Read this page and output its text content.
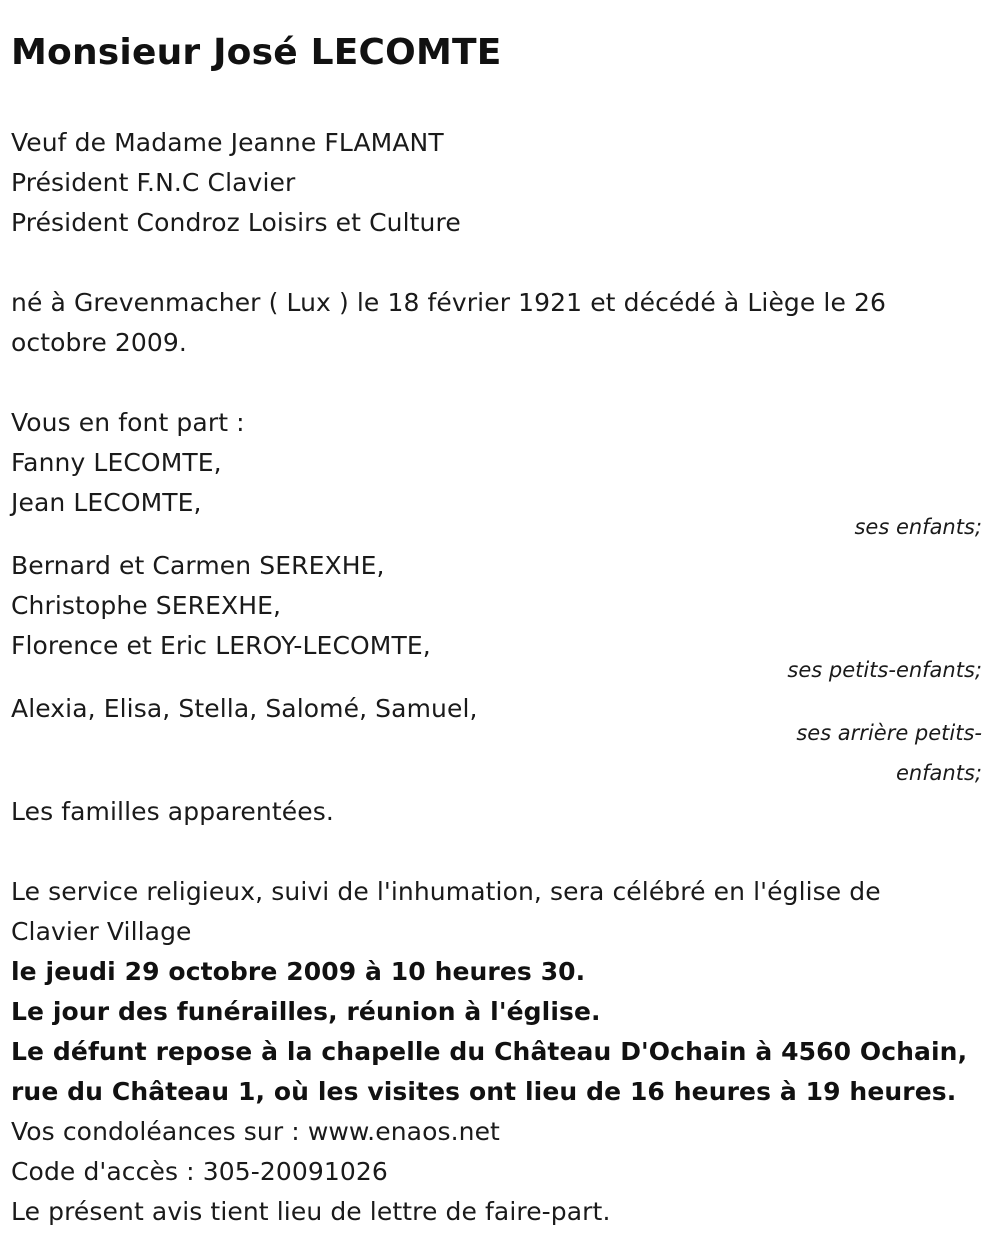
Monsieur José LECOMTE
Veuf de Madame Jeanne FLAMANT
Président F.N.C Clavier
Président Condroz Loisirs et Culture
né à Grevenmacher ( Lux ) le 18 février 1921 et décédé à Liège le 26
octobre 2009.
Vous en font part :
Fanny LECOMTE,
Jean LECOMTE,
ses enfants;
Bernard et Carmen SEREXHE,
Christophe SEREXHE,
Florence et Eric LEROY-LECOMTE,
ses petits-enfants;
Alexia, Elisa, Stella, Salomé, Samuel,
ses arrière petits-
enfants;
Les familles apparentées.
Le service religieux, suivi de l'inhumation, sera célébré en l'église de
Clavier Village
le jeudi 29 octobre 2009 à 10 heures 30.
Le jour des funérailles, réunion à l'église.
Le défunt repose à la chapelle du Château D'Ochain à 4560 Ochain,
rue du Château 1, où les visites ont lieu de 16 heures à 19 heures.
Vos condoléances sur : www.enaos.net
Code d'accès : 305-20091026
Le présent avis tient lieu de lettre de faire-part.
